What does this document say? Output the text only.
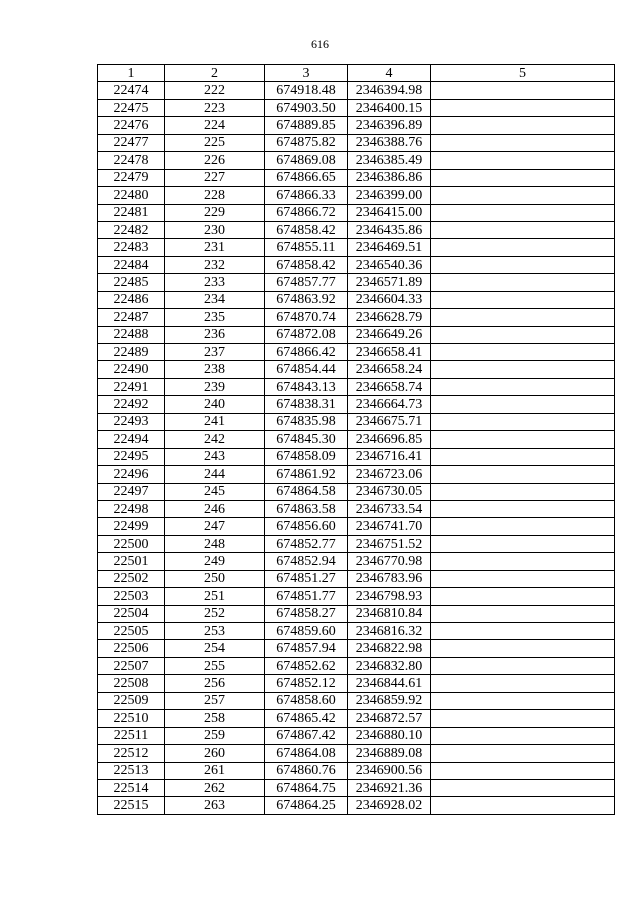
616
1	2	3	4	5
22474	222	674918.48	2346394.98	
22475	223	674903.50	2346400.15	
22476	224	674889.85	2346396.89	
22477	225	674875.82	2346388.76	
22478	226	674869.08	2346385.49	
22479	227	674866.65	2346386.86	
22480	228	674866.33	2346399.00	
22481	229	674866.72	2346415.00	
22482	230	674858.42	2346435.86	
22483	231	674855.11	2346469.51	
22484	232	674858.42	2346540.36	
22485	233	674857.77	2346571.89	
22486	234	674863.92	2346604.33	
22487	235	674870.74	2346628.79	
22488	236	674872.08	2346649.26	
22489	237	674866.42	2346658.41	
22490	238	674854.44	2346658.24	
22491	239	674843.13	2346658.74	
22492	240	674838.31	2346664.73	
22493	241	674835.98	2346675.71	
22494	242	674845.30	2346696.85	
22495	243	674858.09	2346716.41	
22496	244	674861.92	2346723.06	
22497	245	674864.58	2346730.05	
22498	246	674863.58	2346733.54	
22499	247	674856.60	2346741.70	
22500	248	674852.77	2346751.52	
22501	249	674852.94	2346770.98	
22502	250	674851.27	2346783.96	
22503	251	674851.77	2346798.93	
22504	252	674858.27	2346810.84	
22505	253	674859.60	2346816.32	
22506	254	674857.94	2346822.98	
22507	255	674852.62	2346832.80	
22508	256	674852.12	2346844.61	
22509	257	674858.60	2346859.92	
22510	258	674865.42	2346872.57	
22511	259	674867.42	2346880.10	
22512	260	674864.08	2346889.08	
22513	261	674860.76	2346900.56	
22514	262	674864.75	2346921.36	
22515	263	674864.25	2346928.02	
